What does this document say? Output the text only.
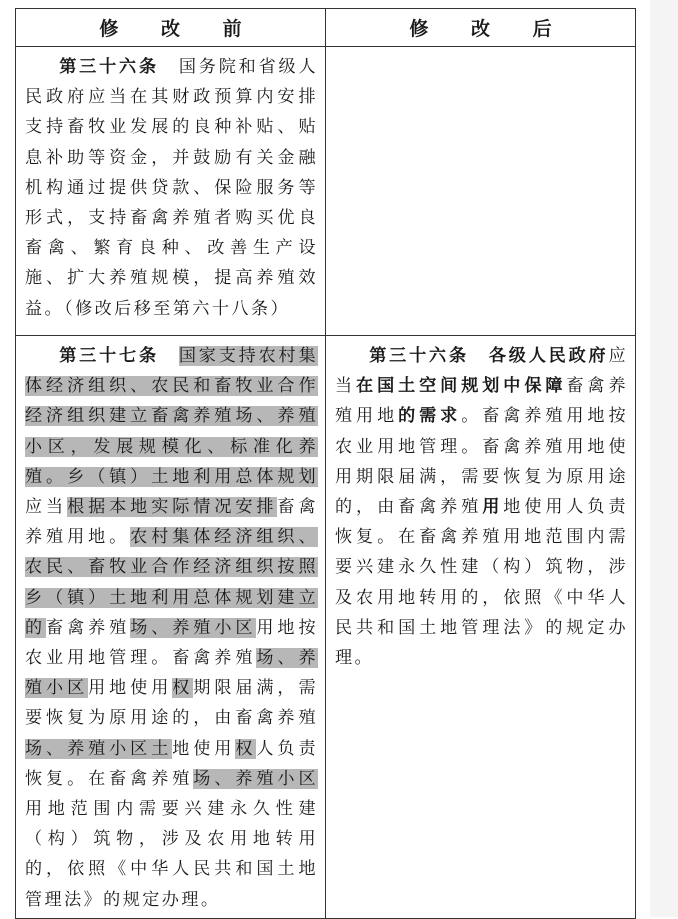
修 改 前	修 改 后

第三十六条　国务院和省级人民政府应当在其财政预算内安排支持畜牧业发展的良种补贴、贴息补助等资金，并鼓励有关金融机构通过提供贷款、保险服务等形式，支持畜禽养殖者购买优良畜禽、繁育良种、改善生产设施、扩大养殖规模，提高养殖效益。（修改后移至第六十八条）	

第三十七条　 国家支持农村集体经济组织、农民和畜牧业合作经济组织建立畜禽养殖场、养殖小区，发展规模化、标准化养殖。乡（镇）土地利用总体规划应当根据本地实际情况安排畜禽养殖用地。农村集体经济组织、农民、畜牧业合作经济组织按照乡（镇）土地利用总体规划建立的畜禽养殖场、养殖小区用地按农业用地管理。畜禽养殖场、养殖小区用地使用权期限届满，需要恢复为原用途的，由畜禽养殖场、养殖小区土地使用权人负责恢复。在畜禽养殖场、养殖小区用地范围内需要兴建永久性建（构）筑物，涉及农用地转用的，依照《中华人民共和国土地管理法》的规定办理。	第三十六条　 各级人民政府应当在国土空间规划中保障畜禽养殖用地的需求。畜禽养殖用地按农业用地管理。畜禽养殖用地使用期限届满，需要恢复为原用途的，由畜禽养殖用地使用人负责恢复。在畜禽养殖用地范围内需要兴建永久性建（构）筑物，涉及农用地转用的，依照《中华人民共和国土地管理法》的规定办理。
